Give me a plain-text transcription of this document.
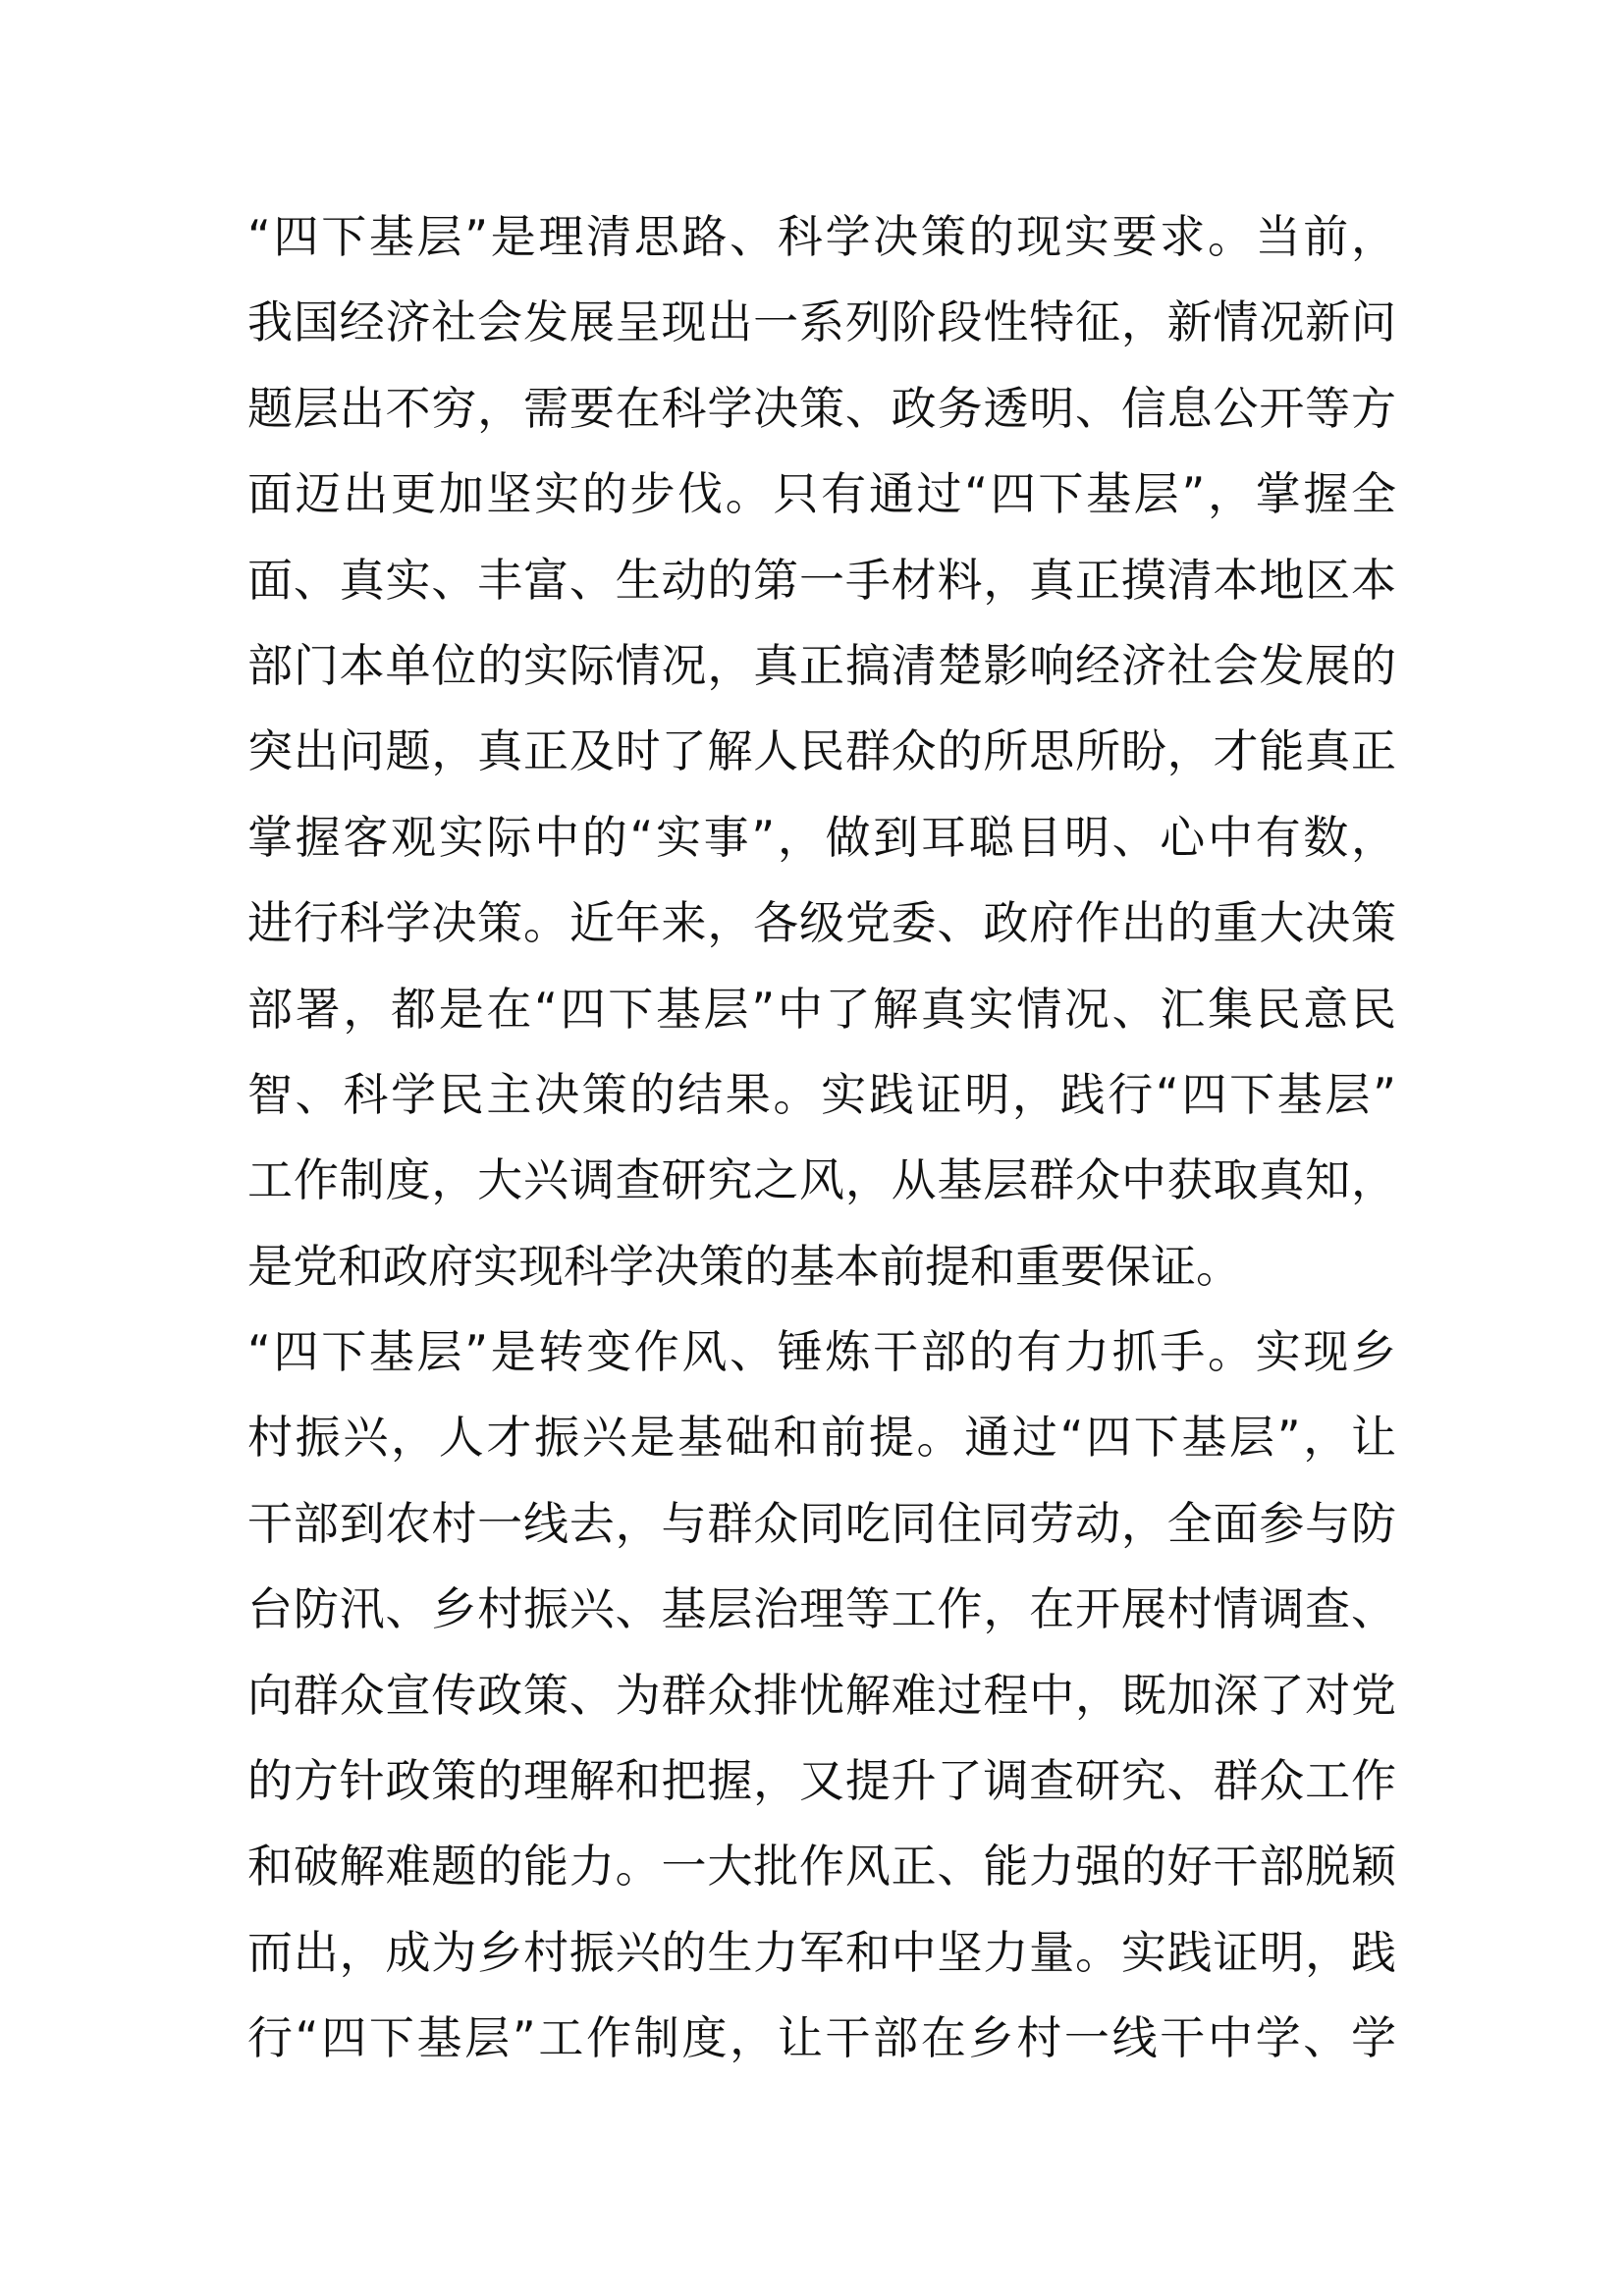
“四下基层”是理清思路、科学决策的现实要求。当前，
我国经济社会发展呈现出一系列阶段性特征，新情况新问
题层出不穷，需要在科学决策、政务透明、信息公开等方
面迈出更加坚实的步伐。只有通过“四下基层”，掌握全
面、真实、丰富、生动的第一手材料，真正摸清本地区本
部门本单位的实际情况，真正搞清楚影响经济社会发展的
突出问题，真正及时了解人民群众的所思所盼，才能真正
掌握客观实际中的“实事”，做到耳聪目明、心中有数，
进行科学决策。近年来，各级党委、政府作出的重大决策
部署，都是在“四下基层”中了解真实情况、汇集民意民
智、科学民主决策的结果。实践证明，践行“四下基层”
工作制度，大兴调查研究之风，从基层群众中获取真知，
是党和政府实现科学决策的基本前提和重要保证。
“四下基层”是转变作风、锤炼干部的有力抓手。实现乡
村振兴，人才振兴是基础和前提。通过“四下基层”，让
干部到农村一线去，与群众同吃同住同劳动，全面参与防
台防汛、乡村振兴、基层治理等工作，在开展村情调查、
向群众宣传政策、为群众排忧解难过程中，既加深了对党
的方针政策的理解和把握，又提升了调查研究、群众工作
和破解难题的能力。一大批作风正、能力强的好干部脱颖
而出，成为乡村振兴的生力军和中坚力量。实践证明，践
行“四下基层”工作制度，让干部在乡村一线干中学、学
